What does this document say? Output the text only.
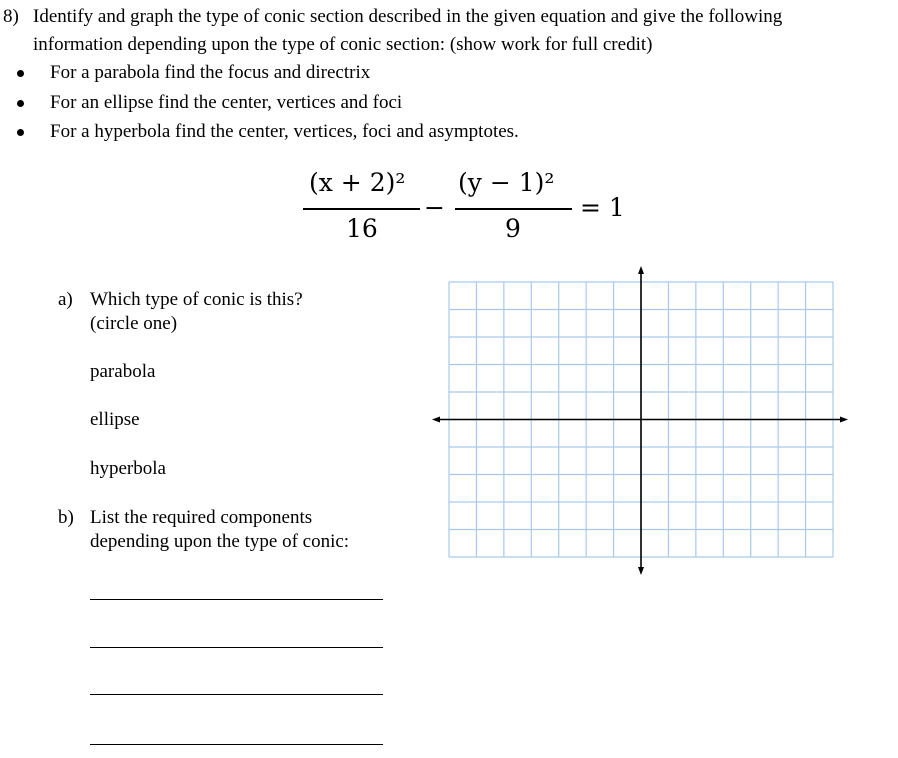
8) Identify and graph the type of conic section described in the given equation and give the following
information depending upon the type of conic section: (show work for full credit)
For a parabola find the focus and directrix
For an ellipse find the center, vertices and foci
For a hyperbola find the center, vertices, foci and asymptotes.
(x + 2)²
16
−
(y − 1)²
9
= 1
a) Which type of conic is this?
(circle one)
parabola
ellipse
hyperbola
b) List the required components
depending upon the type of conic:
